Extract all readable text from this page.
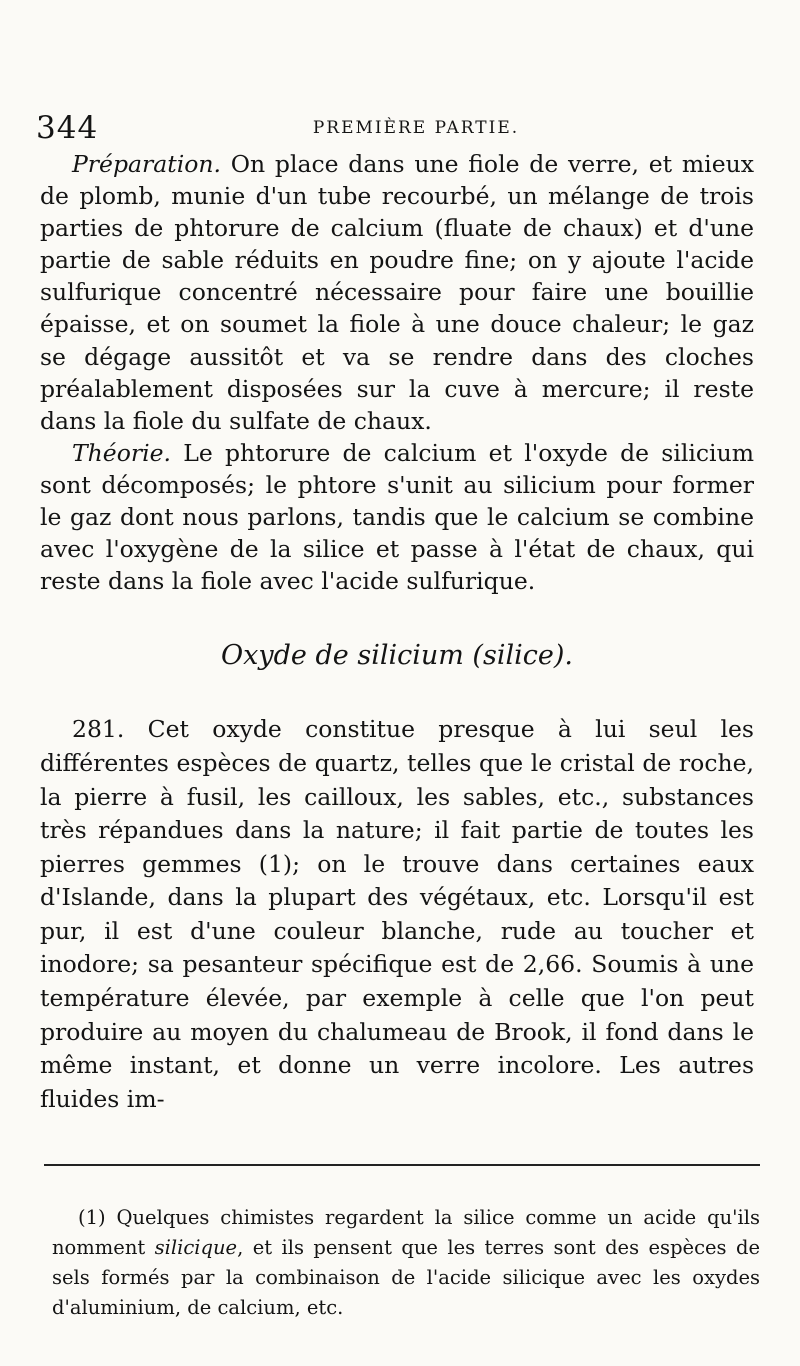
344	PREMIÈRE PARTIE.

Préparation. On place dans une fiole de verre, et mieux de plomb, munie d'un tube recourbé, un mélange de trois parties de phtorure de calcium (fluate de chaux) et d'une partie de sable réduits en poudre fine; on y ajoute l'acide sulfurique concentré nécessaire pour faire une bouillie épaisse, et on soumet la fiole à une douce chaleur; le gaz se dégage aussitôt et va se rendre dans des cloches préalablement disposées sur la cuve à mercure; il reste dans la fiole du sulfate de chaux.

Théorie. Le phtorure de calcium et l'oxyde de silicium sont décomposés; le phtore s'unit au silicium pour former le gaz dont nous parlons, tandis que le calcium se combine avec l'oxygène de la silice et passe à l'état de chaux, qui reste dans la fiole avec l'acide sulfurique.

Oxyde de silicium (silice).

281. Cet oxyde constitue presque à lui seul les différentes espèces de quartz, telles que le cristal de roche, la pierre à fusil, les cailloux, les sables, etc., substances très répandues dans la nature; il fait partie de toutes les pierres gemmes (1); on le trouve dans certaines eaux d'Islande, dans la plupart des végétaux, etc. Lorsqu'il est pur, il est d'une couleur blanche, rude au toucher et inodore; sa pesanteur spécifique est de 2,66. Soumis à une température élevée, par exemple à celle que l'on peut produire au moyen du chalumeau de Brook, il fond dans le même instant, et donne un verre incolore. Les autres fluides im-

(1) Quelques chimistes regardent la silice comme un acide qu'ils nomment silicique, et ils pensent que les terres sont des espèces de sels formés par la combinaison de l'acide silicique avec les oxydes d'aluminium, de calcium, etc.
